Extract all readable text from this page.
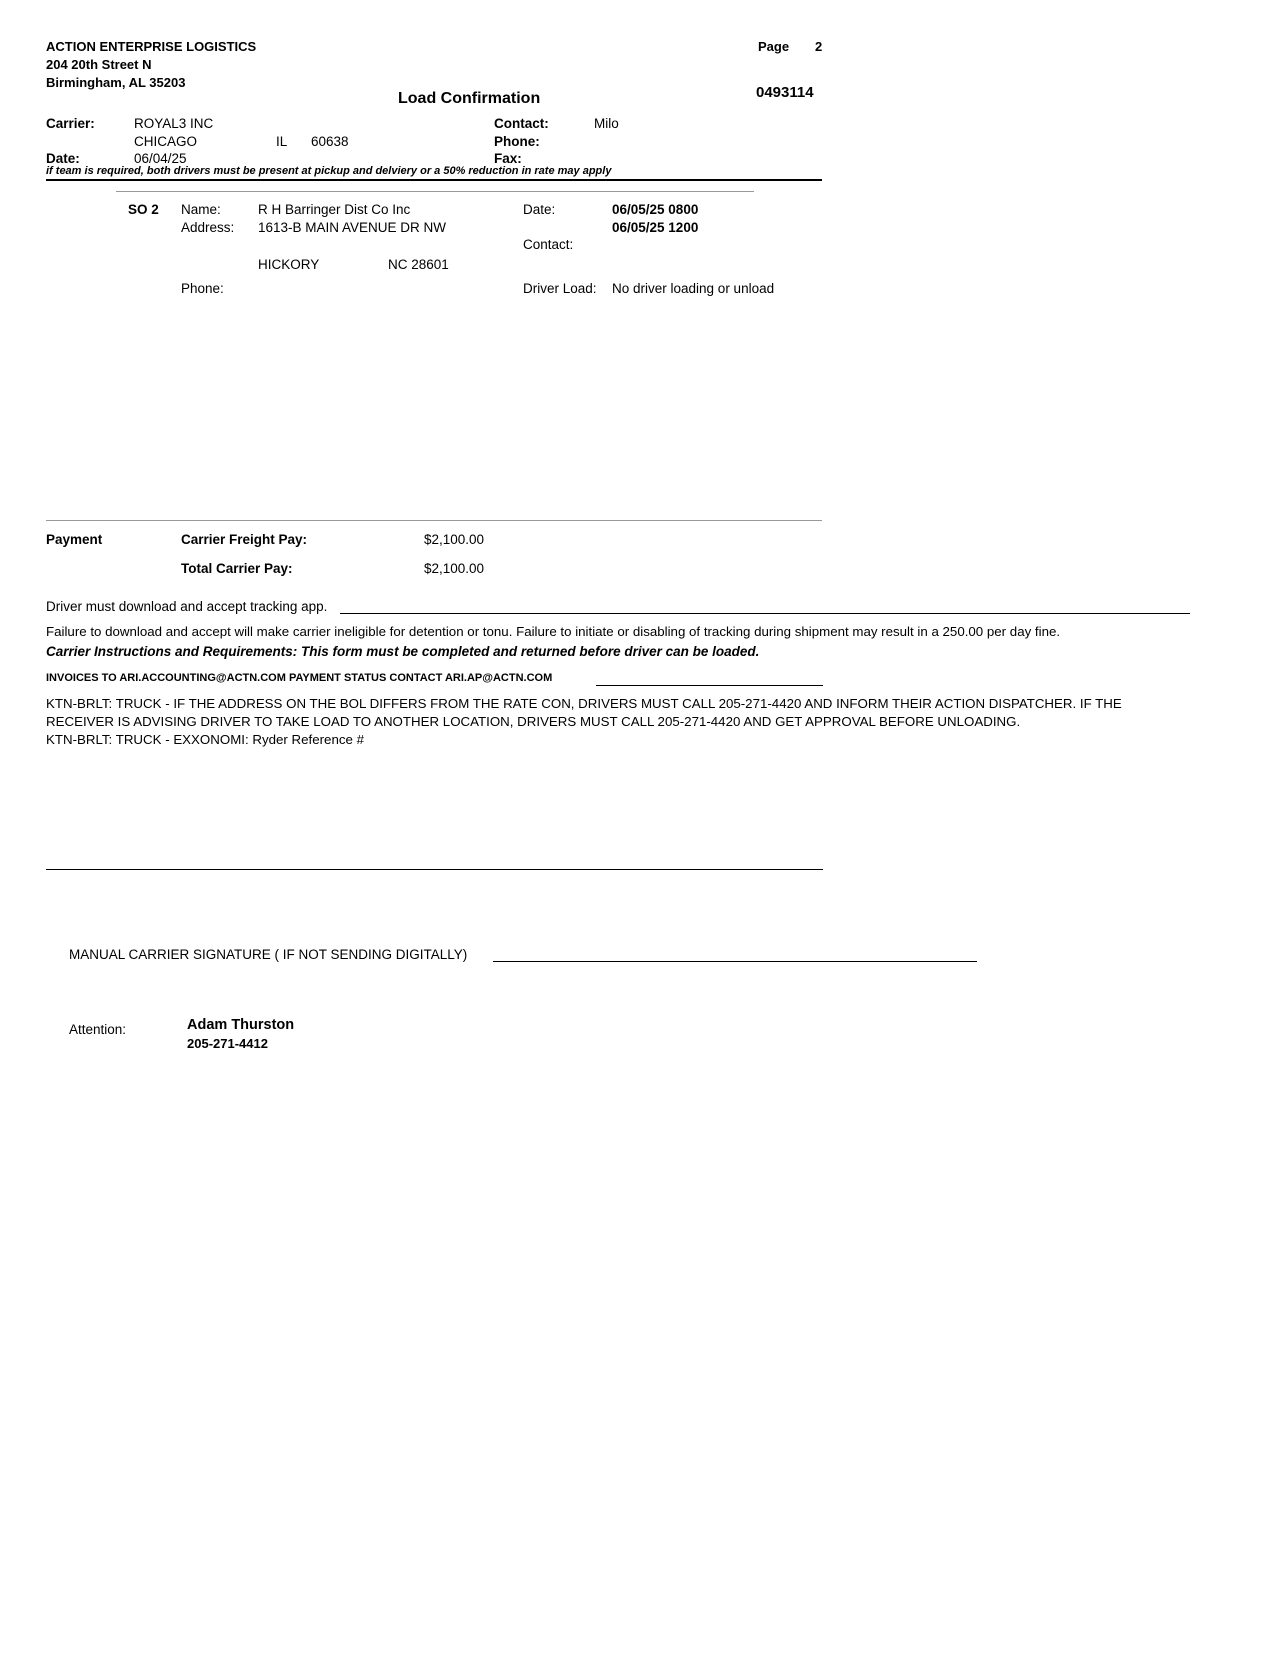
ACTION ENTERPRISE LOGISTICS
204 20th Street N
Birmingham, AL 35203
Page 2
Load Confirmation	0493114
Carrier:	ROYAL3 INC
CHICAGO	IL 60638
Date:	06/04/25
Contact:	Milo
Phone:
Fax:
if team is required, both drivers must be present at pickup and delviery or a 50% reduction in rate may apply
SO 2 Name:	R H Barringer Dist Co Inc
Address: 1613-B MAIN AVENUE DR NW
HICKORY	NC 28601
Phone:
Date:	06/05/25 0800
06/05/25 1200
Contact:
Driver Load: No driver loading or unload
Payment	Carrier Freight Pay:	$2,100.00
Total Carrier Pay:	$2,100.00
Driver must download and accept tracking app.
Failure to download and accept will make carrier ineligible for detention or tonu. Failure to initiate or disabling of tracking during shipment may result in a 250.00 per day fine.
Carrier Instructions and Requirements: This form must be completed and returned before driver can be loaded.
INVOICES TO ARI.ACCOUNTING@ACTN.COM PAYMENT STATUS CONTACT ARI.AP@ACTN.COM
KTN-BRLT: TRUCK - IF THE ADDRESS ON THE BOL DIFFERS FROM THE RATE CON, DRIVERS MUST CALL 205-271-4420 AND INFORM THEIR ACTION DISPATCHER. IF THE
RECEIVER IS ADVISING DRIVER TO TAKE LOAD TO ANOTHER LOCATION, DRIVERS MUST CALL 205-271-4420 AND GET APPROVAL BEFORE UNLOADING.
KTN-BRLT: TRUCK - EXXONOMI: Ryder Reference #
MANUAL CARRIER SIGNATURE ( IF NOT SENDING DIGITALLY)
Attention:	Adam Thurston
205-271-4412
